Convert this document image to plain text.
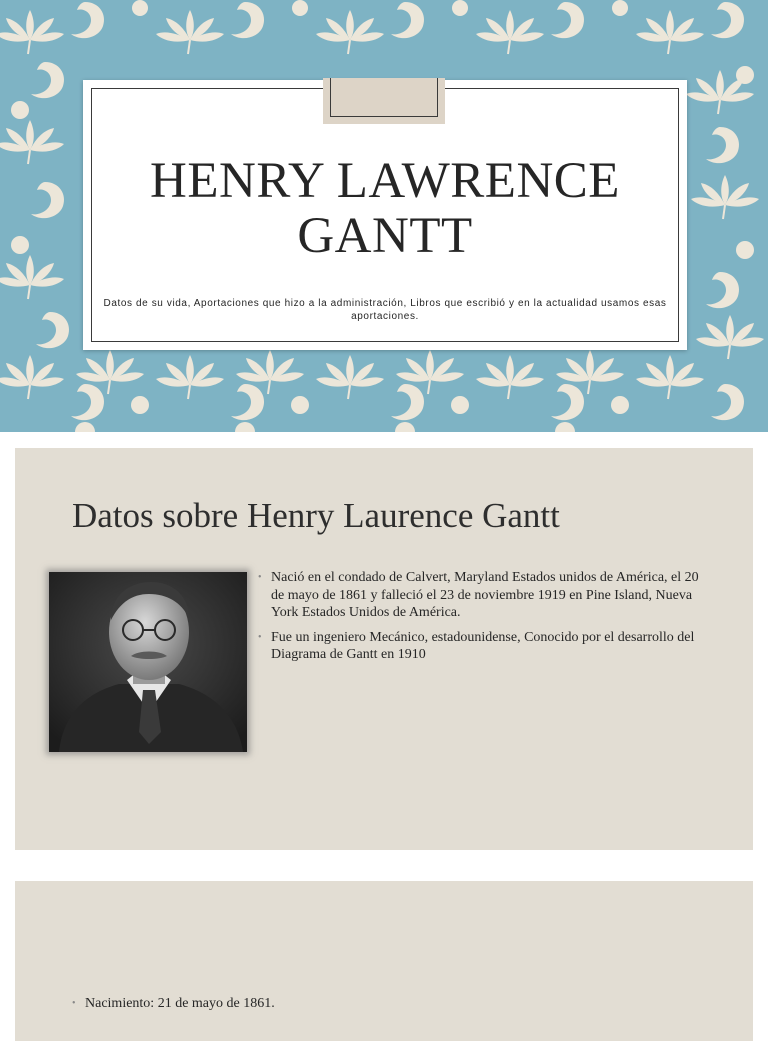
HENRY LAWRENCE
GANTT
Datos de su vida, Aportaciones que hizo a la administración, Libros que escribió y en la actualidad usamos esas aportaciones.
Datos sobre Henry Laurence Gantt
• Nació en el condado de Calvert, Maryland Estados unidos de América, el 20 de mayo de 1861 y falleció el 23 de noviembre 1919 en Pine Island, Nueva York Estados Unidos de América.
• Fue un ingeniero Mecánico, estadounidense, Conocido por el desarrollo del Diagrama de Gantt en 1910
• Nacimiento: 21 de mayo de 1861.
